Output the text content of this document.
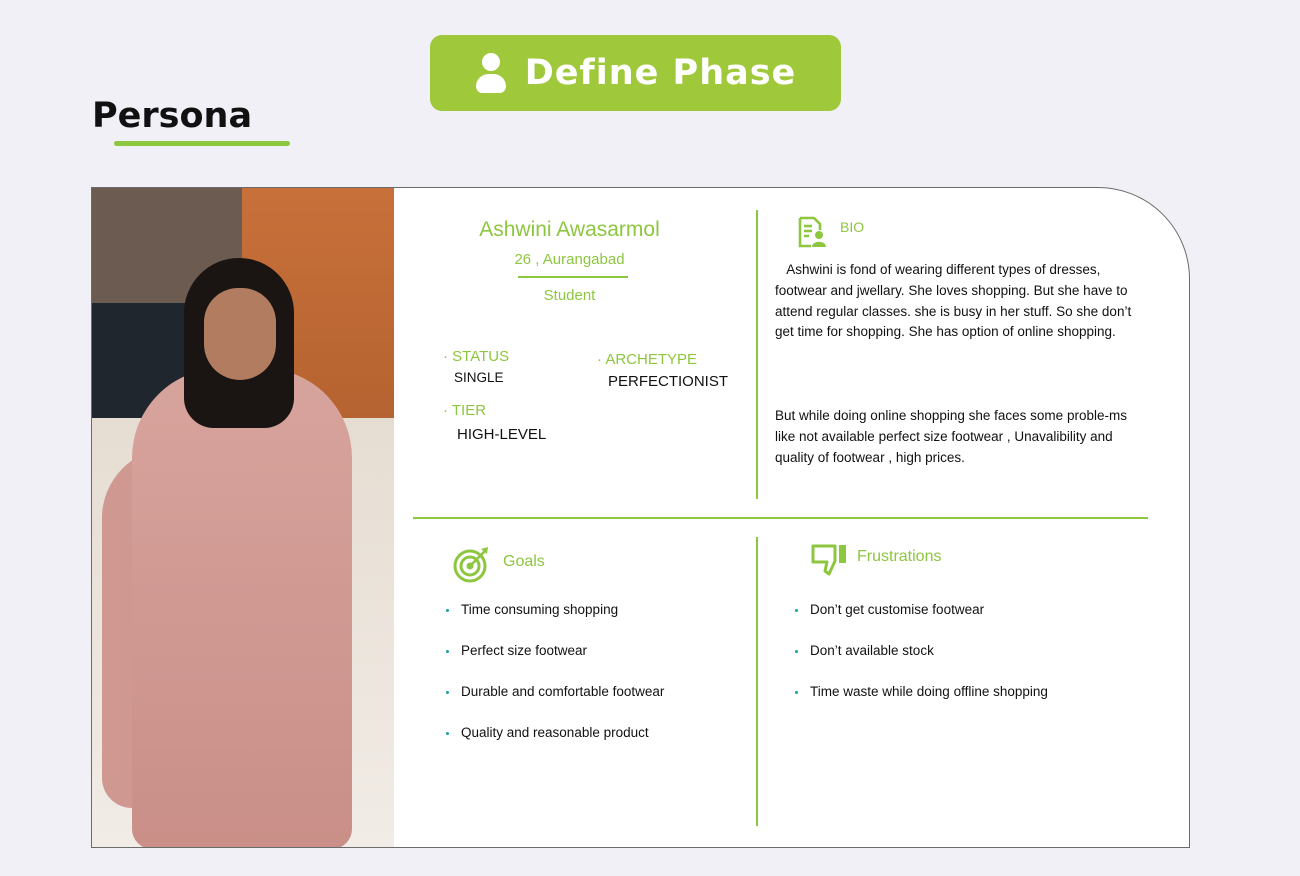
Define Phase
Persona
Ashwini Awasarmol
26 , Aurangabad
Student
· STATUS
SINGLE
· ARCHETYPE
PERFECTIONIST
· TIER
HIGH-LEVEL
BIO

Ashwini is fond of wearing different types of dresses, footwear and jwellary. She loves shopping. But she have to attend regular classes. she is busy in her stuff. So she don’t get time for shopping. She has option of online shopping.

But while doing online shopping she faces some proble-ms like not available perfect size footwear , Unavalibility and quality of footwear , high prices.

Goals
Time consuming shopping
Perfect size footwear
Durable and comfortable footwear
Quality and reasonable product
Frustrations
Don’t get customise footwear
Don’t available stock
Time waste while doing offline shopping
